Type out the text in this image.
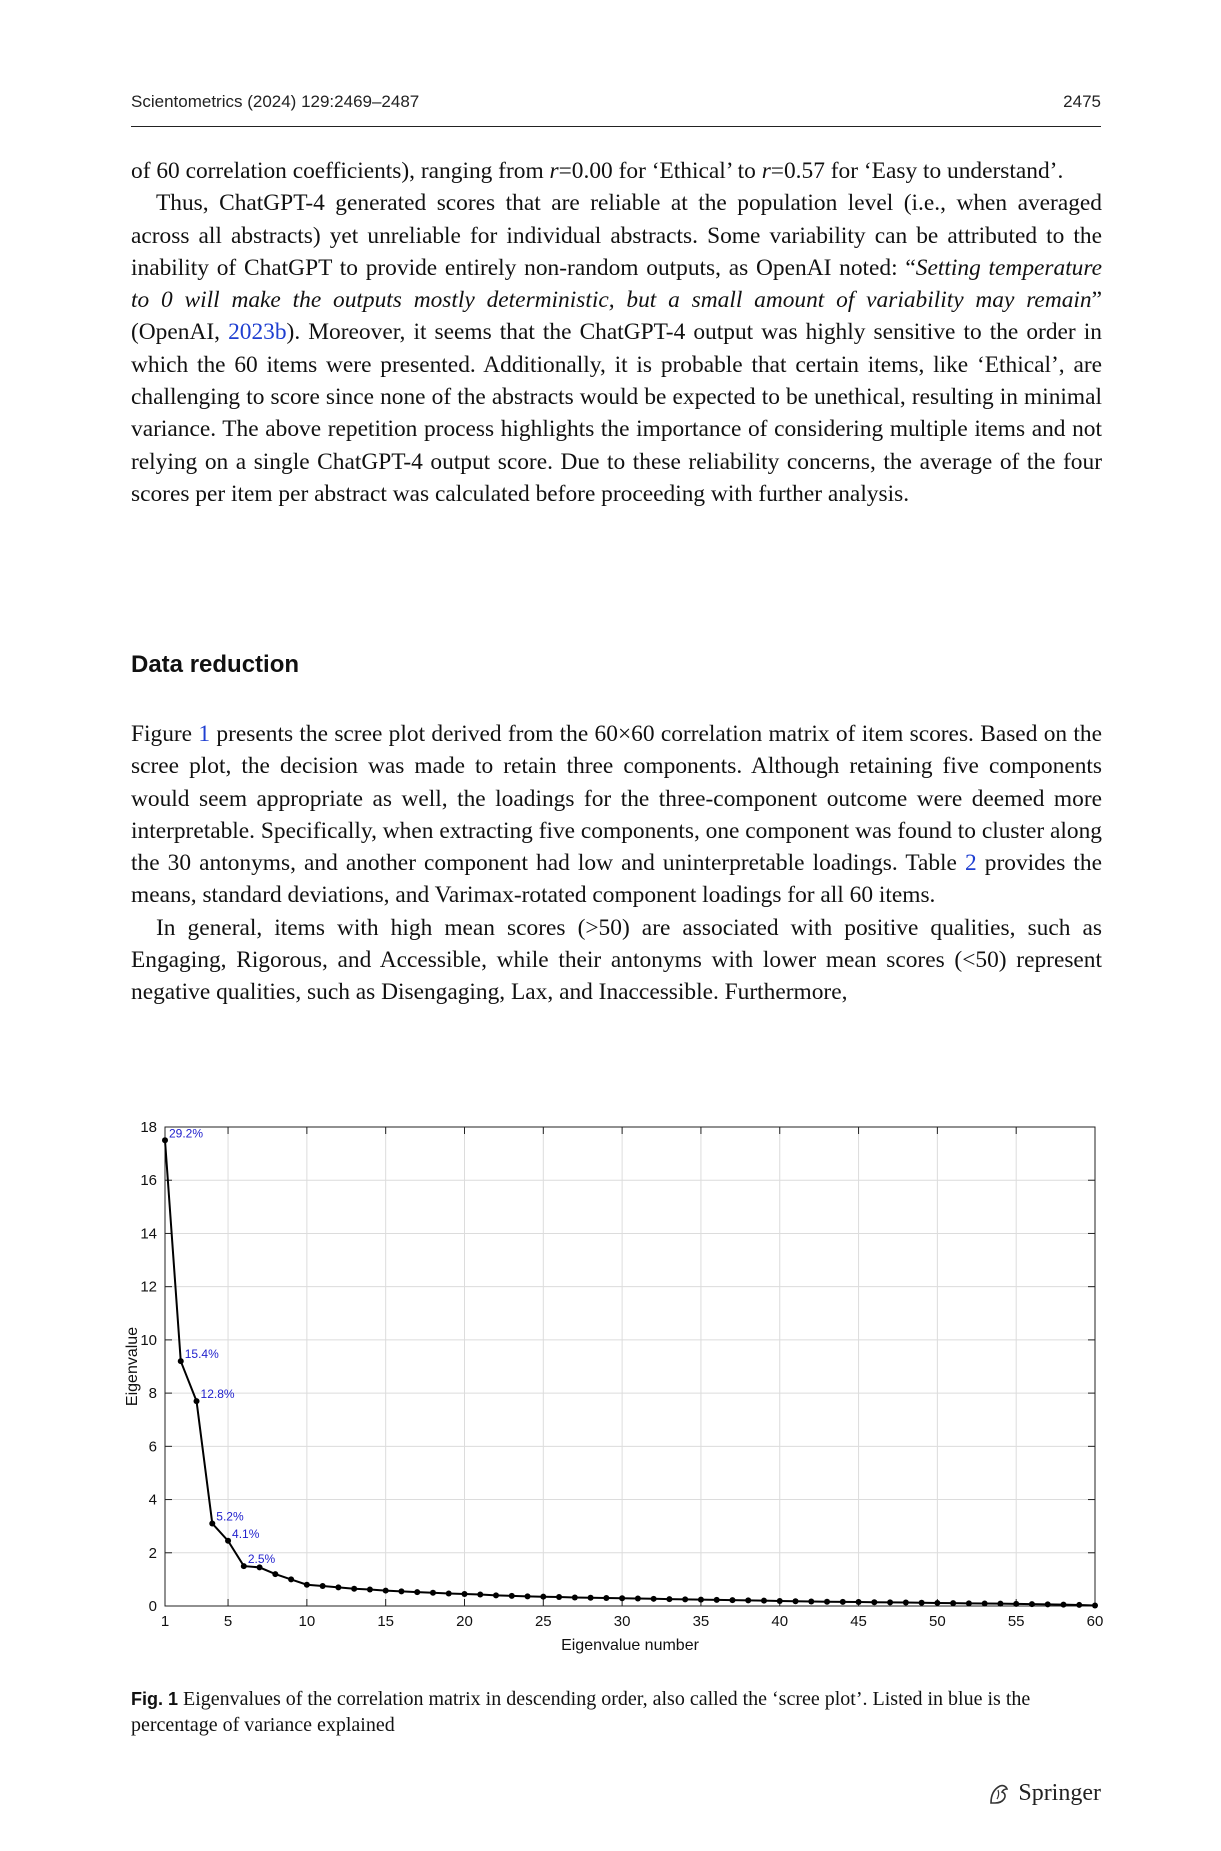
Scientometrics (2024) 129:2469–2487	2475

of 60 correlation coefficients), ranging from r=0.00 for ‘Ethical’ to r=0.57 for ‘Easy to understand’.

Thus, ChatGPT-4 generated scores that are reliable at the population level (i.e., when averaged across all abstracts) yet unreliable for individual abstracts. Some variability can be attributed to the inability of ChatGPT to provide entirely non-random outputs, as OpenAI noted: “Setting temperature to 0 will make the outputs mostly deterministic, but a small amount of variability may remain” (OpenAI, 2023b). Moreover, it seems that the ChatGPT-4 output was highly sensitive to the order in which the 60 items were presented. Additionally, it is probable that certain items, like ‘Ethical’, are challenging to score since none of the abstracts would be expected to be unethical, resulting in minimal variance. The above repetition process highlights the importance of considering multiple items and not relying on a single ChatGPT-4 output score. Due to these reliability concerns, the average of the four scores per item per abstract was calculated before proceeding with further analysis.

Data reduction

Figure 1 presents the scree plot derived from the 60×60 correlation matrix of item scores. Based on the scree plot, the decision was made to retain three components. Although retaining five components would seem appropriate as well, the loadings for the three-component outcome were deemed more interpretable. Specifically, when extracting five components, one component was found to cluster along the 30 antonyms, and another component had low and uninterpretable loadings. Table 2 provides the means, standard deviations, and Varimax-rotated component loadings for all 60 items.

In general, items with high mean scores (>50) are associated with positive qualities, such as Engaging, Rigorous, and Accessible, while their antonyms with lower mean scores (<50) represent negative qualities, such as Disengaging, Lax, and Inaccessible. Furthermore,

1	5	10	15	20	25	30	35	40	45	50	55	60
0
2
4
6
8
10
12
14
16
18
Eigenvalue number
Eigenvalue
29.2%
15.4%
12.8%
5.2%
4.1%
2.5%
Fig. 1 Eigenvalues of the correlation matrix in descending order, also called the ‘scree plot’. Listed in blue is the percentage of variance explained
Springer
